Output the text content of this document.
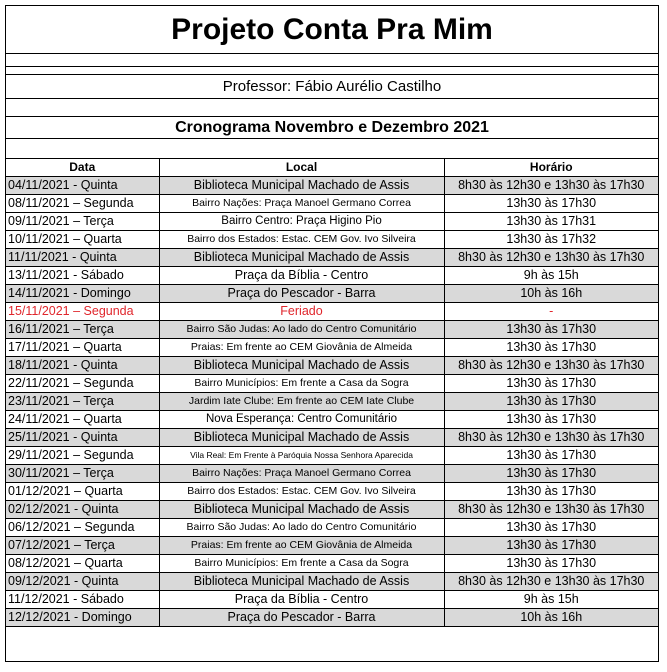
Projeto Conta Pra Mim
Professor: Fábio Aurélio Castilho
Cronograma Novembro e Dezembro 2021
Data	Local	Horário
04/11/2021 - Quinta	Biblioteca Municipal Machado de Assis	8h30 às 12h30 e 13h30 às 17h30
08/11/2021 – Segunda	Bairro Nações: Praça Manoel Germano Correa	13h30 às 17h30
09/11/2021 – Terça	Bairro Centro: Praça Higino Pio	13h30 às 17h31
10/11/2021 – Quarta	Bairro dos Estados: Estac. CEM Gov. Ivo Silveira	13h30 às 17h32
11/11/2021 - Quinta	Biblioteca Municipal Machado de Assis	8h30 às 12h30 e 13h30 às 17h30
13/11/2021 - Sábado	Praça da Bíblia - Centro	9h às 15h
14/11/2021 - Domingo	Praça do Pescador - Barra	10h às 16h
15/11/2021 – Segunda	Feriado	-
16/11/2021 – Terça	Bairro São Judas: Ao lado do Centro Comunitário	13h30 às 17h30
17/11/2021 – Quarta	Praias: Em frente ao CEM Giovânia de Almeida	13h30 às 17h30
18/11/2021 - Quinta	Biblioteca Municipal Machado de Assis	8h30 às 12h30 e 13h30 às 17h30
22/11/2021 – Segunda	Bairro Municípios: Em frente a Casa da Sogra	13h30 às 17h30
23/11/2021 – Terça	Jardim Iate Clube: Em frente ao CEM Iate Clube	13h30 às 17h30
24/11/2021 – Quarta	Nova Esperança: Centro Comunitário	13h30 às 17h30
25/11/2021 - Quinta	Biblioteca Municipal Machado de Assis	8h30 às 12h30 e 13h30 às 17h30
29/11/2021 – Segunda	Vila Real: Em Frente à Paróquia Nossa Senhora Aparecida	13h30 às 17h30
30/11/2021 – Terça	Bairro Nações: Praça Manoel Germano Correa	13h30 às 17h30
01/12/2021 – Quarta	Bairro dos Estados: Estac. CEM Gov. Ivo Silveira	13h30 às 17h30
02/12/2021 - Quinta	Biblioteca Municipal Machado de Assis	8h30 às 12h30 e 13h30 às 17h30
06/12/2021 – Segunda	Bairro São Judas: Ao lado do Centro Comunitário	13h30 às 17h30
07/12/2021 – Terça	Praias: Em frente ao CEM Giovânia de Almeida	13h30 às 17h30
08/12/2021 – Quarta	Bairro Municípios: Em frente a Casa da Sogra	13h30 às 17h30
09/12/2021 - Quinta	Biblioteca Municipal Machado de Assis	8h30 às 12h30 e 13h30 às 17h30
11/12/2021 - Sábado	Praça da Bíblia - Centro	9h às 15h
12/12/2021 - Domingo	Praça do Pescador - Barra	10h às 16h
